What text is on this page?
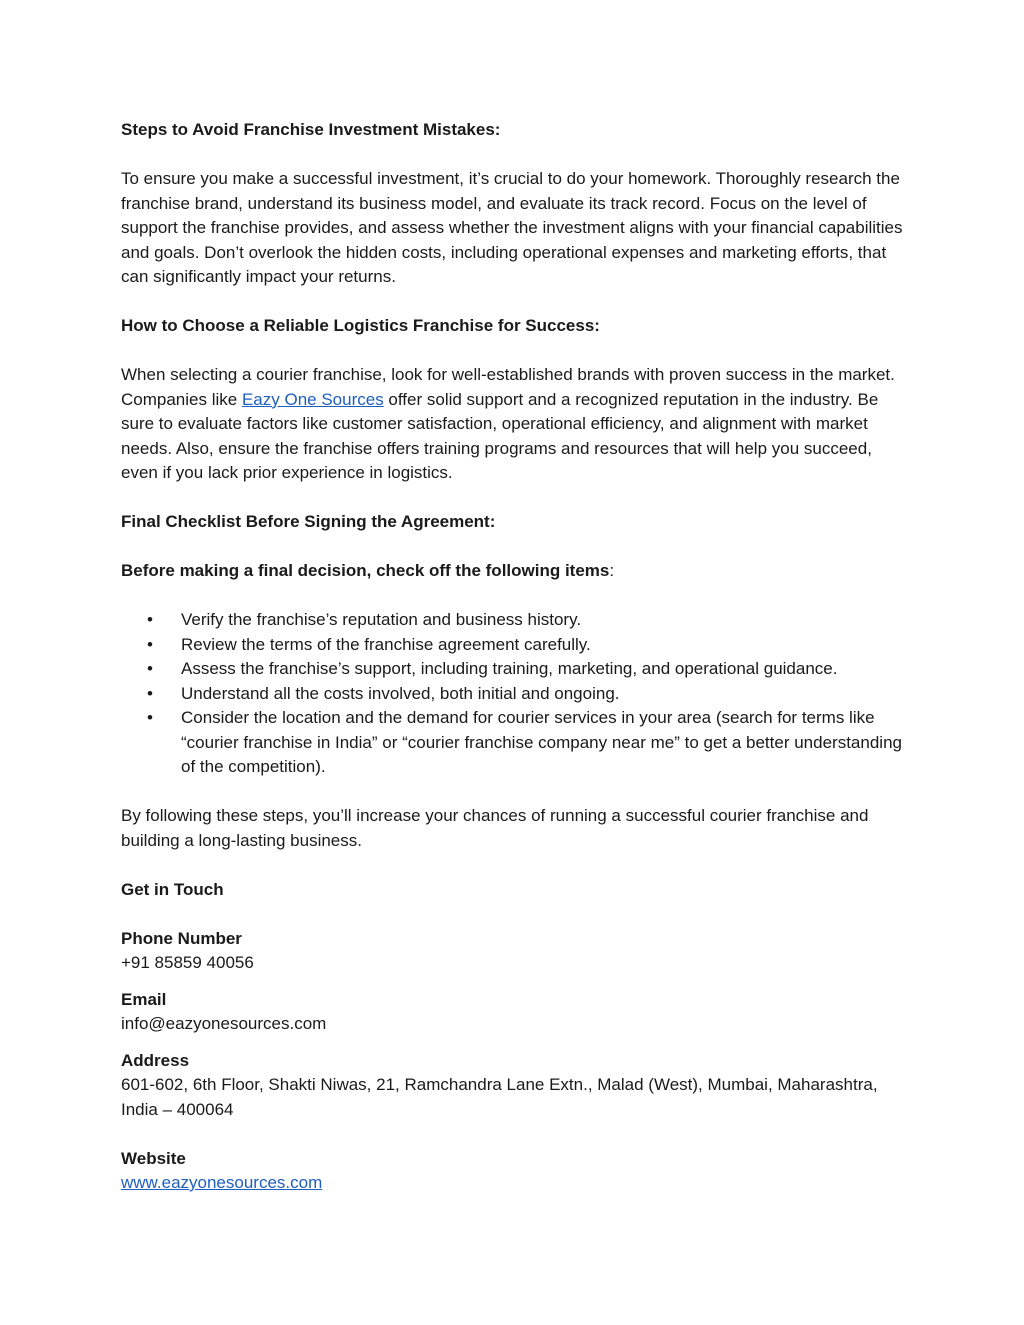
Steps to Avoid Franchise Investment Mistakes:

To ensure you make a successful investment, it’s crucial to do your homework. Thoroughly research the franchise brand, understand its business model, and evaluate its track record. Focus on the level of support the franchise provides, and assess whether the investment aligns with your financial capabilities and goals. Don’t overlook the hidden costs, including operational expenses and marketing efforts, that can significantly impact your returns.

How to Choose a Reliable Logistics Franchise for Success:

When selecting a courier franchise, look for well-established brands with proven success in the market. Companies like Eazy One Sources offer solid support and a recognized reputation in the industry. Be sure to evaluate factors like customer satisfaction, operational efficiency, and alignment with market needs. Also, ensure the franchise offers training programs and resources that will help you succeed, even if you lack prior experience in logistics.

Final Checklist Before Signing the Agreement:

Before making a final decision, check off the following items:

• Verify the franchise’s reputation and business history.
• Review the terms of the franchise agreement carefully.
• Assess the franchise’s support, including training, marketing, and operational guidance.
• Understand all the costs involved, both initial and ongoing.
• Consider the location and the demand for courier services in your area (search for terms like “courier franchise in India” or “courier franchise company near me” to get a better understanding of the competition).

By following these steps, you’ll increase your chances of running a successful courier franchise and building a long-lasting business.

Get in Touch

Phone Number

+91 85859 40056

Email

info@eazyonesources.com

Address

601-602, 6th Floor, Shakti Niwas, 21, Ramchandra Lane Extn., Malad (West), Mumbai, Maharashtra, India – 400064

Website

www.eazyonesources.com
